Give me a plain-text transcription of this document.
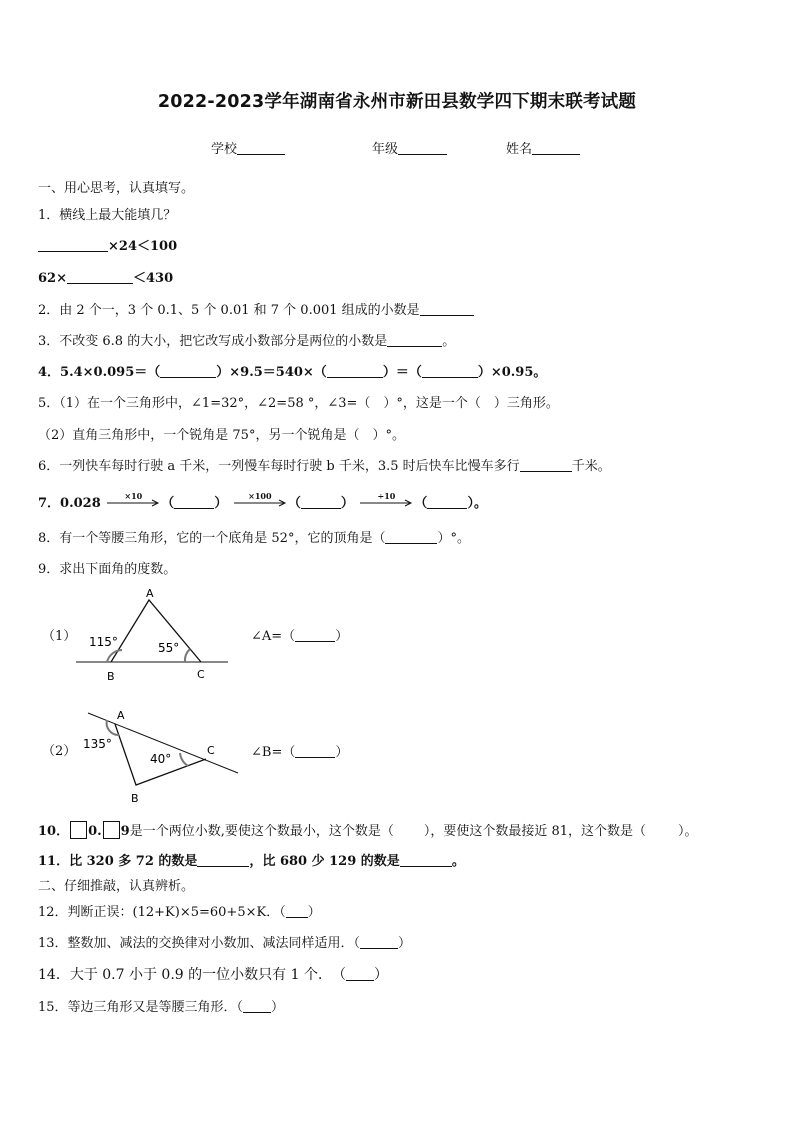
2022-2023学年湖南省永州市新田县数学四下期末联考试题
学校	年级	姓名
一、用心思考，认真填写。
1．横线上最大能填几？
×24＜100
62×	＜430
2．由 2 个一，3 个 0.1、5 个 0.01 和 7 个 0.001 组成的小数是
3．不改变 6.8 的大小，把它改写成小数部分是两位的小数是	。
4．5.4×0.095＝（	）×9.5＝540×（	）＝（	）×0.95。
5．（1）在一个三角形中，∠1=32°，∠2=58 °，∠3=（　）°，这是一个（　）三角形。
（2）直角三角形中，一个锐角是 75°，另一个锐角是（　）°。
6．一列快车每时行驶 a 千米，一列慢车每时行驶 b 千米，3.5 时后快车比慢车多行	千米。
7．0.028	×10	（	）	×100	（	）	÷10	（	）。
8．有一个等腰三角形，它的一个底角是 52°，它的顶角是（	）°。
9．求出下面角的度数。
（1）
A
B	C
115°	55°
∠A=（	）
（2）
A
B
C
135°
40°	∠B=（	）
10． 0. 9是一个两位小数,要使这个数最小，这个数是（ ），要使这个数最接近 81，这个数是（ ）。
11．比 320 多 72 的数是	，比 680 少 129 的数是	。
二、仔细推敲，认真辨析。
12．判断正误：(12+K)×5=60+5×K．（ ）
13．整数加、减法的交换律对小数加、减法同样适用．（	）
14．大于 0.7 小于 0.9 的一位小数只有 1 个．　（ ）
15．等边三角形又是等腰三角形．（ ）
